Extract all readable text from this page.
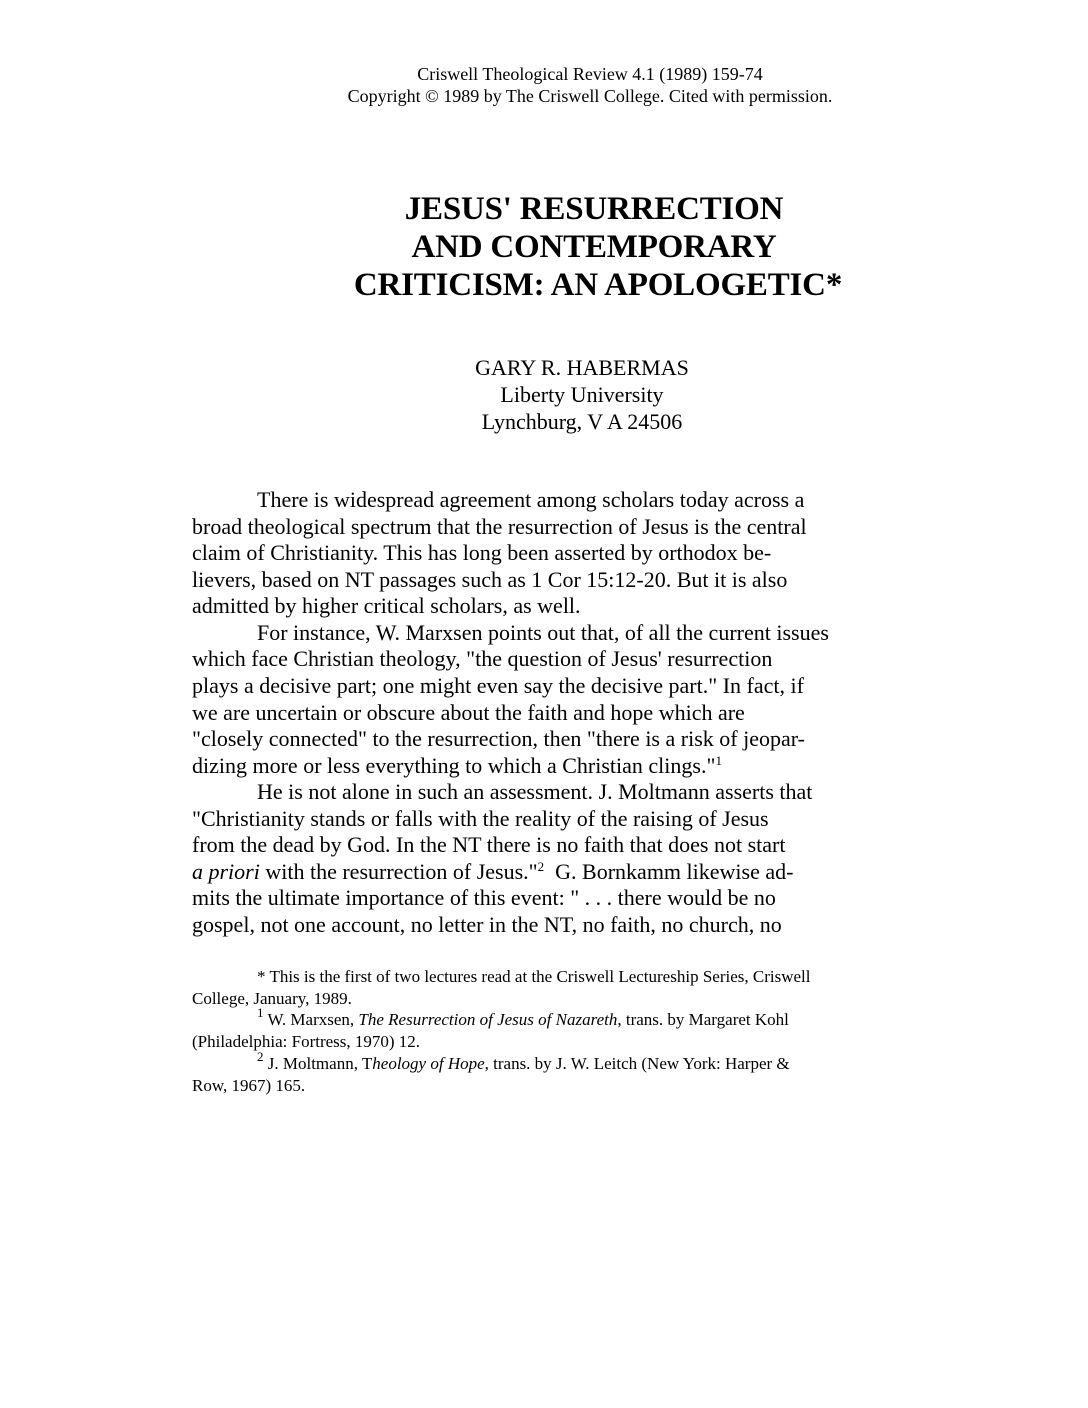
Criswell Theological Review 4.1 (1989) 159-74
Copyright © 1989 by The Criswell College. Cited with permission.
JESUS' RESURRECTION
AND CONTEMPORARY
CRITICISM: AN APOLOGETIC*
GARY R. HABERMAS
Liberty University
Lynchburg, V A 24506
There is widespread agreement among scholars today across a
broad theological spectrum that the resurrection of Jesus is the central
claim of Christianity. This has long been asserted by orthodox be-
lievers, based on NT passages such as 1 Cor 15:12-20. But it is also
admitted by higher critical scholars, as well.
For instance, W. Marxsen points out that, of all the current issues
which face Christian theology, "the question of Jesus' resurrection
plays a decisive part; one might even say the decisive part." In fact, if
we are uncertain or obscure about the faith and hope which are
"closely connected" to the resurrection, then "there is a risk of jeopar-
dizing more or less everything to which a Christian clings."$^1$
He is not alone in such an assessment. J. Moltmann asserts that
"Christianity stands or falls with the reality of the raising of Jesus
from the dead by God. In the NT there is no faith that does not start
a priori with the resurrection of Jesus."$^2$  G. Bornkamm likewise ad-
mits the ultimate importance of this event: " . . . there would be no
gospel, not one account, no letter in the NT, no faith, no church, no
* This is the first of two lectures read at the Criswell Lectureship Series, Criswell
College, January, 1989.
$^1$ W. Marxsen, The Resurrection of Jesus of Nazareth, trans. by Margaret Kohl
(Philadelphia: Fortress, 1970) 12.
$^2$ J. Moltmann, Theology of Hope, trans. by J. W. Leitch (New York: Harper &
Row, 1967) 165.
